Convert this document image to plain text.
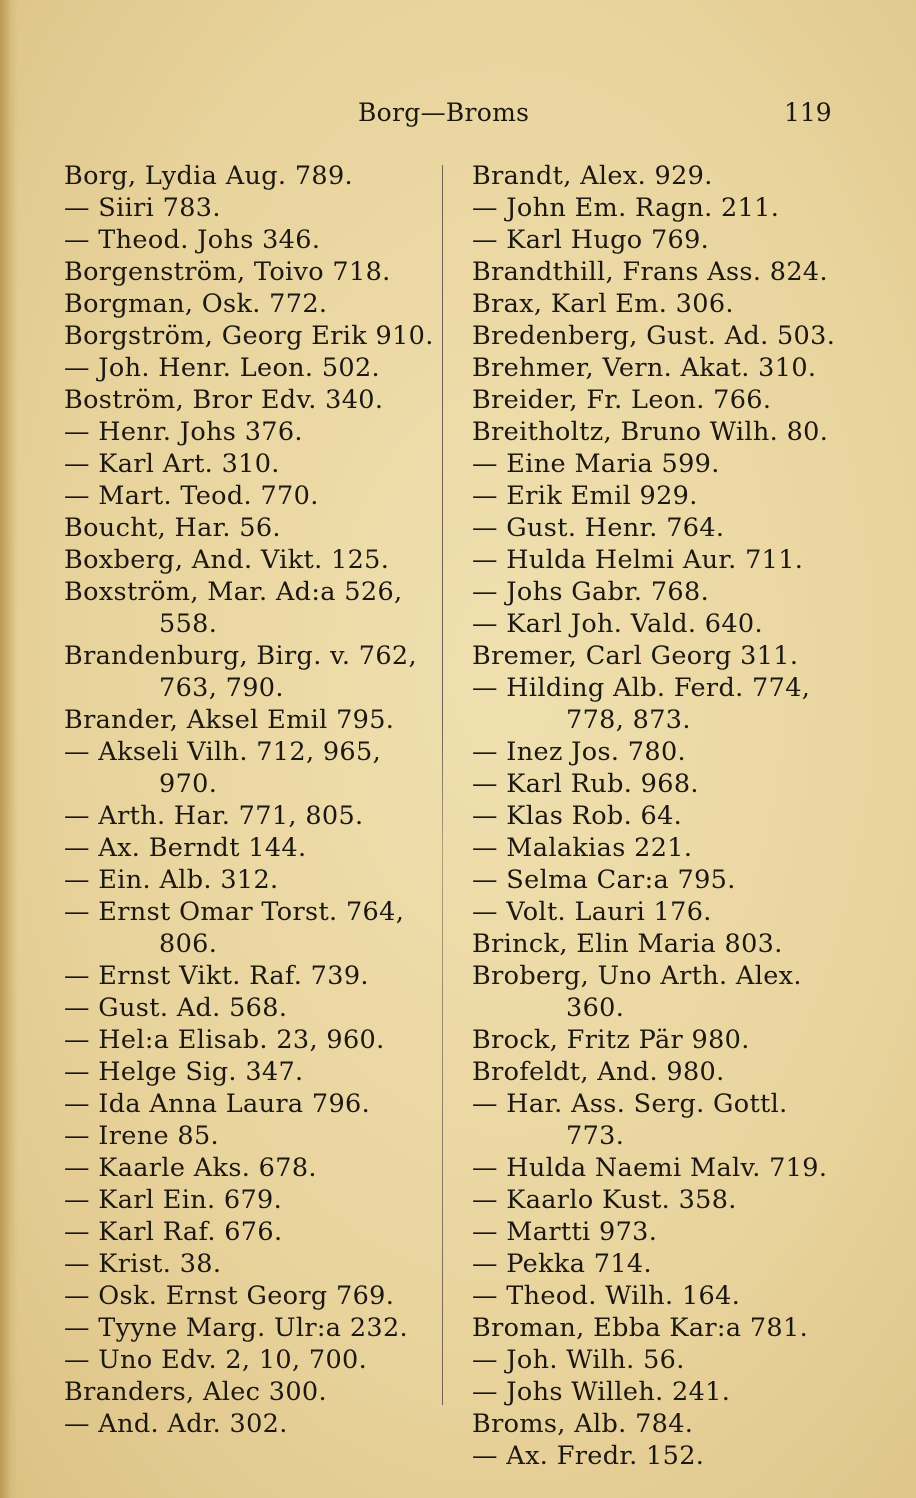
Borg—Broms	119
Borg, Lydia Aug. 789.
— Siiri 783.
— Theod. Johs 346.
Borgenström, Toivo 718.
Borgman, Osk. 772.
Borgström, Georg Erik 910.
— Joh. Henr. Leon. 502.
Boström, Bror Edv. 340.
— Henr. Johs 376.
— Karl Art. 310.
— Mart. Teod. 770.
Boucht, Har. 56.
Boxberg, And. Vikt. 125.
Boxström, Mar. Ad:a 526,
558.
Brandenburg, Birg. v. 762,
763, 790.
Brander, Aksel Emil 795.
— Akseli Vilh. 712, 965,
970.
— Arth. Har. 771, 805.
— Ax. Berndt 144.
— Ein. Alb. 312.
— Ernst Omar Torst. 764,
806.
— Ernst Vikt. Raf. 739.
— Gust. Ad. 568.
— Hel:a Elisab. 23, 960.
— Helge Sig. 347.
— Ida Anna Laura 796.
— Irene 85.
— Kaarle Aks. 678.
— Karl Ein. 679.
— Karl Raf. 676.
— Krist. 38.
— Osk. Ernst Georg 769.
— Tyyne Marg. Ulr:a 232.
— Uno Edv. 2, 10, 700.
Branders, Alec 300.
— And. Adr. 302.
Brandt, Alex. 929.
— John Em. Ragn. 211.
— Karl Hugo 769.
Brandthill, Frans Ass. 824.
Brax, Karl Em. 306.
Bredenberg, Gust. Ad. 503.
Brehmer, Vern. Akat. 310.
Breider, Fr. Leon. 766.
Breitholtz, Bruno Wilh. 80.
— Eine Maria 599.
— Erik Emil 929.
— Gust. Henr. 764.
— Hulda Helmi Aur. 711.
— Johs Gabr. 768.
— Karl Joh. Vald. 640.
Bremer, Carl Georg 311.
— Hilding Alb. Ferd. 774,
778, 873.
— Inez Jos. 780.
— Karl Rub. 968.
— Klas Rob. 64.
— Malakias 221.
— Selma Car:a 795.
— Volt. Lauri 176.
Brinck, Elin Maria 803.
Broberg, Uno Arth. Alex.
360.
Brock, Fritz Pär 980.
Brofeldt, And. 980.
— Har. Ass. Serg. Gottl.
773.
— Hulda Naemi Malv. 719.
— Kaarlo Kust. 358.
— Martti 973.
— Pekka 714.
— Theod. Wilh. 164.
Broman, Ebba Kar:a 781.
— Joh. Wilh. 56.
— Johs Willeh. 241.
Broms, Alb. 784.
— Ax. Fredr. 152.
